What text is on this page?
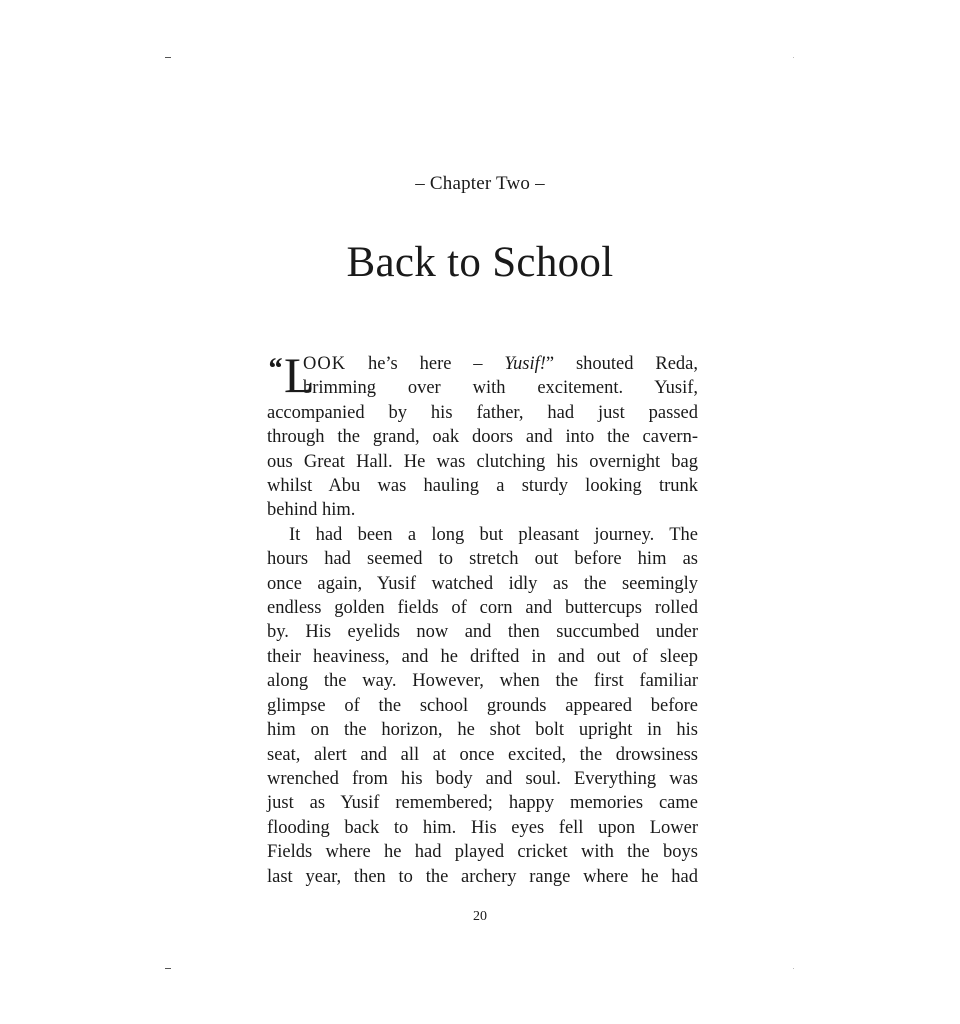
– Chapter Two –
Back to School
“ L

OOK he’s here – Yusif!” shouted Reda,
brimming over with excitement. Yusif,
accompanied by his father, had just passed
through the grand, oak doors and into the cavern-
ous Great Hall. He was clutching his overnight bag
whilst Abu was hauling a sturdy looking trunk
behind him.

It had been a long but pleasant journey. The
hours had seemed to stretch out before him as
once again, Yusif watched idly as the seemingly
endless golden fields of corn and buttercups rolled
by. His eyelids now and then succumbed under
their heaviness, and he drifted in and out of sleep
along the way. However, when the first familiar
glimpse of the school grounds appeared before
him on the horizon, he shot bolt upright in his
seat, alert and all at once excited, the drowsiness
wrenched from his body and soul. Everything was
just as Yusif remembered; happy memories came
flooding back to him. His eyes fell upon Lower
Fields where he had played cricket with the boys
last year, then to the archery range where he had

20
